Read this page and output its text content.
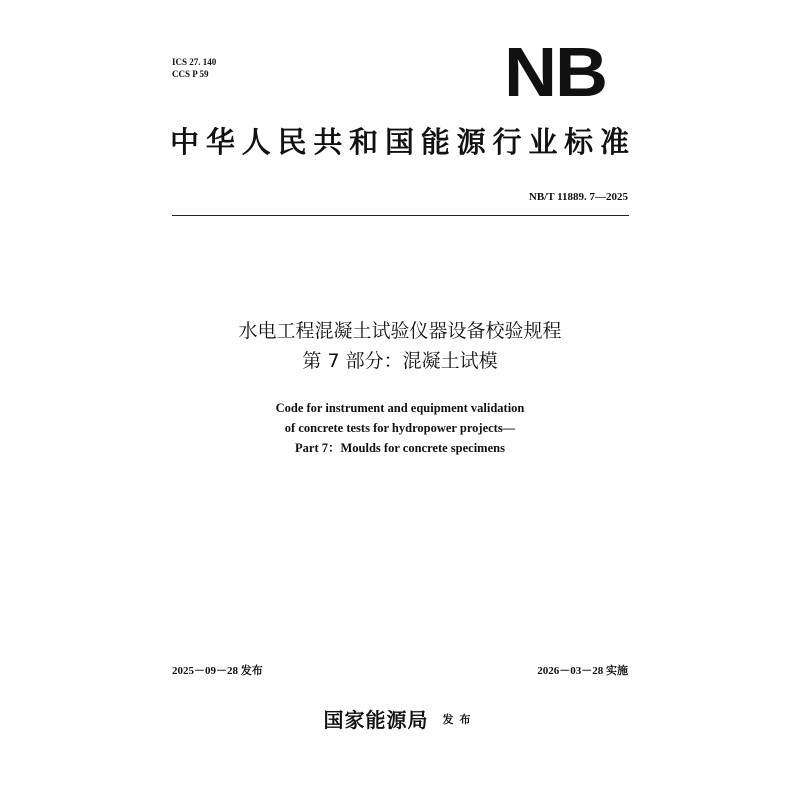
ICS 27. 140
CCS P 59	NB
中华人民共和国能源行业标准
NB/T 11889. 7—2025
水电工程混凝土试验仪器设备校验规程
第 7 部分：混凝土试模
Code for instrument and equipment validation
of concrete tests for hydropower projects—
Part 7：Moulds for concrete specimens
2025－09－28 发布	2026－03－28 实施
国家能源局 发布
